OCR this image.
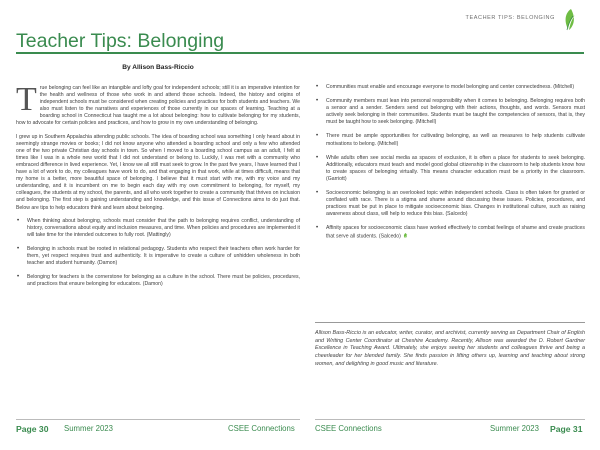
TEACHER TIPS: BELONGING
Teacher Tips: Belonging
By Allison Bass-Riccio

True belonging can feel like an intangible and lofty goal for independent schools; still it is an imperative intention for the health and wellness of those who work in and attend those schools. Indeed, the history and origins of independent schools must be considered when creating policies and practices for both students and teachers. We also must listen to the narratives and experiences of those currently in our spaces of learning. Teaching at a boarding school in Connecticut has taught me a lot about belonging: how to cultivate belonging for my students, how to advocate for certain policies and practices, and how to grow in my own understanding of belonging.

I grew up in Southern Appalachia attending public schools. The idea of boarding school was something I only heard about in seemingly strange movies or books; I did not know anyone who attended a boarding school and only a few who attended one of the two private Christian day schools in town. So when I moved to a boarding school campus as an adult, I felt at times like I was in a whole new world that I did not understand or belong to. Luckily, I was met with a community who embraced difference in lived experience. Yet, I know we all still must seek to grow. In the past five years, I have learned that I have a lot of work to do, my colleagues have work to do, and that engaging in that work, while at times difficult, means that my home is a better, more beautiful space of belonging. I believe that it must start with me, with my voice and my understanding, and it is incumbent on me to begin each day with my own commitment to belonging, for myself, my colleagues, the students at my school, the parents, and all who work together to create a community that thrives on inclusion and belonging. The first step is gaining understanding and knowledge, and this issue of Connections aims to do just that. Below are tips to help educators think and learn about belonging.

• When thinking about belonging, schools must consider that the path to belonging requires conflict, understanding of history, conversations about equity and inclusion measures, and time. When policies and procedures are implemented it will take time for the intended outcomes to fully root. (Mattingly)
• Belonging in schools must be rooted in relational pedagogy. Students who respect their teachers often work harder for them, yet respect requires trust and authenticity. It is imperative to create a culture of unhidden wholeness in both teacher and student humanity. (Damon)
• Belonging for teachers is the cornerstone for belonging as a culture in the school. There must be policies, procedures, and practices that ensure belonging for educators. (Damon)
• Communities must enable and encourage everyone to model belonging and center connectedness. (Mitchell)
• Community members must lean into personal responsibility when it comes to belonging. Belonging requires both a sensor and a sender. Senders send out belonging with their actions, thoughts, and words. Sensors must actively seek belonging in their communities. Students must be taught the competencies of sensors, that is, they must be taught how to seek belonging. (Mitchell)
• There must be ample opportunities for cultivating belonging, as well as measures to help students cultivate motivations to belong. (Mitchell)
• While adults often see social media as spaces of exclusion, it is often a place for students to seek belonging. Additionally, educators must teach and model good global citizenship in the classroom to help students know how to create spaces of belonging virtually. This means character education must be a priority in the classroom. (Garriott)
• Socioeconomic belonging is an overlooked topic within independent schools. Class is often taken for granted or conflated with race. There is a stigma and shame around discussing these issues. Policies, procedures, and practices must be put in place to mitigate socioeconomic bias. Changes in institutional culture, such as raising awareness about class, will help to reduce this bias. (Salcedo)
• Affinity spaces for socioeconomic class have worked effectively to combat feelings of shame and create practices that serve all students. (Salcedo)
Allison Bass-Riccio is an educator, writer, curator, and archivist, currently serving as Department Chair of English and Writing Center Coordinator at Cheshire Academy. Recently, Allison was awarded the D. Robert Gardner Excellence in Teaching Award. Ultimately, she enjoys seeing her students and colleagues thrive and being a cheerleader for her blended family. She finds passion in lifting others up, learning and teaching about strong women, and delighting in good music and literature.
Page 30 Summer 2023	CSEE Connections	CSEE Connections	Summer 2023 Page 31
